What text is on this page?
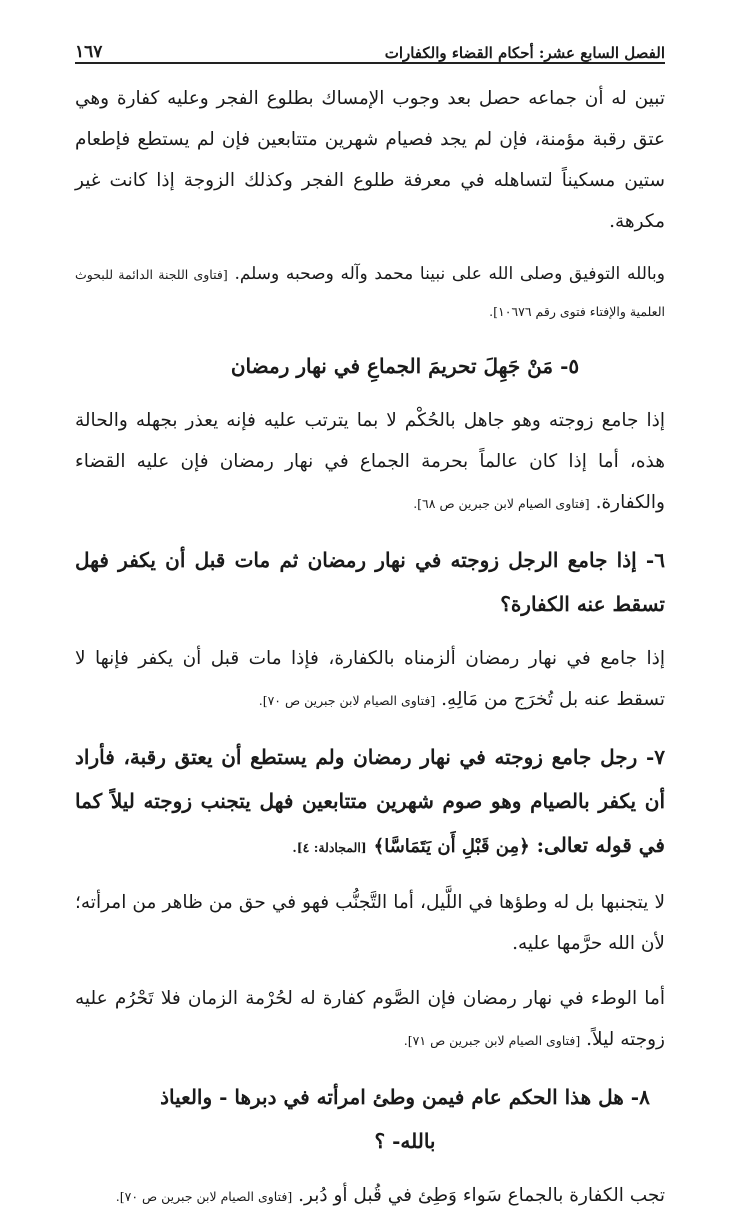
الفصل السابع عشر: أحكام القضاء والكفارات
١٦٧

تبين له أن جماعه حصل بعد وجوب الإمساك بطلوع الفجر وعليه كفارة وهي عتق رقبة مؤمنة، فإن لم يجد فصيام شهرين متتابعين فإن لم يستطع فإطعام ستين مسكيناً لتساهله في معرفة طلوع الفجر وكذلك الزوجة إذا كانت غير مكرهة.

وبالله التوفيق وصلى الله على نبينا محمد وآله وصحبه وسلم. [فتاوى اللجنة الدائمة للبحوث العلمية والإفتاء فتوى رقم ١٠٦٧٦].

٥- مَنْ جَهِلَ تحريمَ الجماعِ في نهار رمضان

إذا جامع زوجته وهو جاهل بالحُكْم لا بما يترتب عليه فإنه يعذر بجهله والحالة هذه، أما إذا كان عالماً بحرمة الجماع في نهار رمضان فإن عليه القضاء والكفارة. [فتاوى الصيام لابن جبرين ص ٦٨].

٦- إذا جامع الرجل زوجته في نهار رمضان ثم مات قبل أن يكفر فهل تسقط عنه الكفارة؟

إذا جامع في نهار رمضان ألزمناه بالكفارة، فإذا مات قبل أن يكفر فإنها لا تسقط عنه بل تُخرَج من مَالِهِ. [فتاوى الصيام لابن جبرين ص ٧٠].

٧- رجل جامع زوجته في نهار رمضان ولم يستطع أن يعتق رقبة، فأراد أن يكفر بالصيام وهو صوم شهرين متتابعين فهل يتجنب زوجته ليلاً كما في قوله تعالى: ﴿مِن قَبْلِ أَن يَتَمَاسَّا﴾ [المجادلة: ٤].

لا يتجنبها بل له وطؤها في اللَّيل، أما التَّجنُّب فهو في حق من ظاهر من امرأته؛ لأن الله حرَّمها عليه.

أما الوطء في نهار رمضان فإن الصَّوم كفارة له لحُرْمة الزمان فلا تَحْرُم عليه زوجته ليلاً. [فتاوى الصيام لابن جبرين ص ٧١].

٨- هل هذا الحكم عام فيمن وطئ امرأته في دبرها - والعياذ بالله- ؟

تجب الكفارة بالجماع سَواء وَطِئ في قُبل أو دُبر. [فتاوى الصيام لابن جبرين ص ٧٠].
